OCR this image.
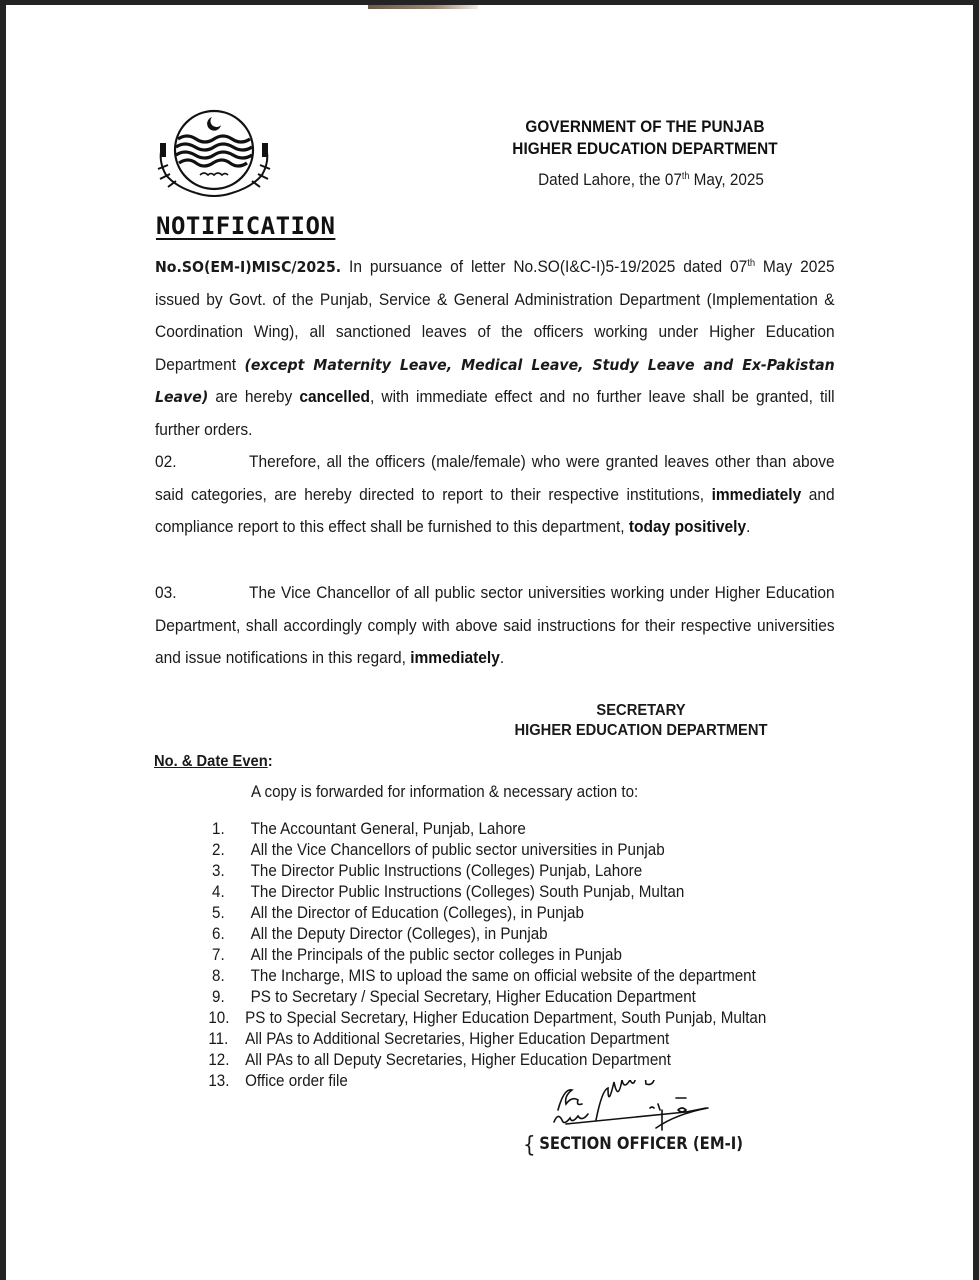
GOVERNMENT OF THE PUNJAB
HIGHER EDUCATION DEPARTMENT
Dated Lahore, the 07th May, 2025
NOTIFICATION
No.SO(EM-I)MISC/2025. In pursuance of letter No.SO(I&C-I)5-19/2025 dated 07th May 2025 issued by Govt. of the Punjab, Service & General Administration Department (Implementation & Coordination Wing), all sanctioned leaves of the officers working under Higher Education Department (except Maternity Leave, Medical Leave, Study Leave and Ex-Pakistan Leave) are hereby cancelled, with immediate effect and no further leave shall be granted, till further orders.
02.	Therefore, all the officers (male/female) who were granted leaves other than above said categories, are hereby directed to report to their respective institutions, immediately and compliance report to this effect shall be furnished to this department, today positively.
03.	The Vice Chancellor of all public sector universities working under Higher Education Department, shall accordingly comply with above said instructions for their respective universities and issue notifications in this regard, immediately.
SECRETARY
HIGHER EDUCATION DEPARTMENT
No. & Date Even:
A copy is forwarded for information & necessary action to:
1. The Accountant General, Punjab, Lahore
2. All the Vice Chancellors of public sector universities in Punjab
3. The Director Public Instructions (Colleges) Punjab, Lahore
4. The Director Public Instructions (Colleges) South Punjab, Multan
5. All the Director of Education (Colleges), in Punjab
6. All the Deputy Director (Colleges), in Punjab
7. All the Principals of the public sector colleges in Punjab
8. The Incharge, MIS to upload the same on official website of the department
9. PS to Secretary / Special Secretary, Higher Education Department
10. PS to Special Secretary, Higher Education Department, South Punjab, Multan
11. All PAs to Additional Secretaries, Higher Education Department
12. All PAs to all Deputy Secretaries, Higher Education Department
13. Office order file
{ SECTION OFFICER (EM-I)
